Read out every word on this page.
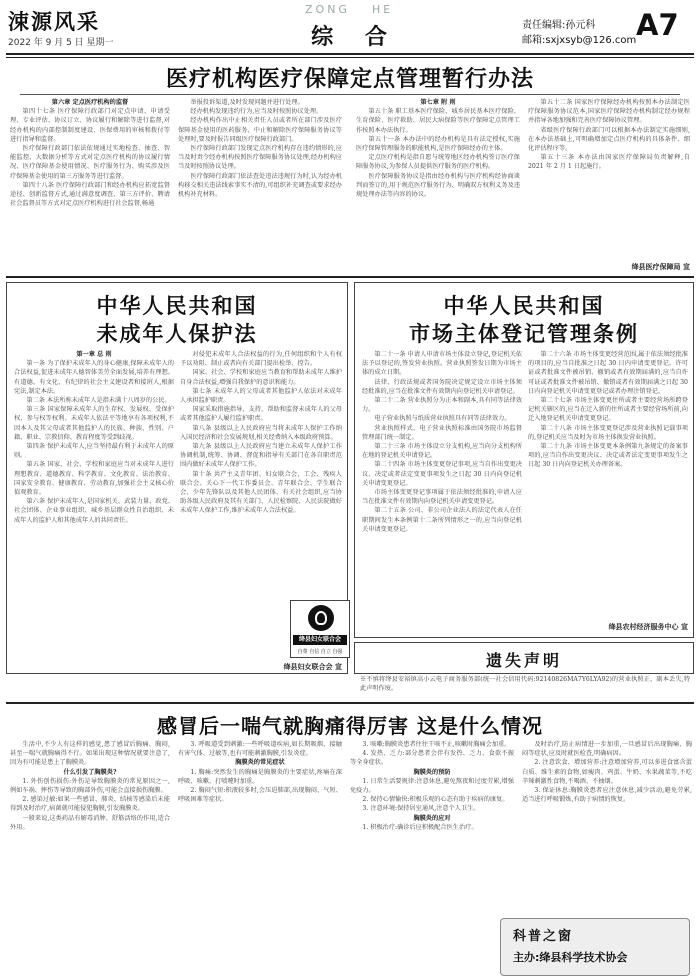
涑源风采
2022 年 9 月 5 日 星期一
ZONG HE
综 合	责任编辑:孙元科
邮箱:sxjxsyb@126.com A7
医疗机构医疗保障定点管理暂行办法

第六章 定点医疗机构的监督

第四十七条 医疗保障行政部门对定点申请、申请受理、专业评估、协议订立、协议履行和解除等进行监督,对经办机构的内部控制制度建设、医保费用的审核和拨付等进行指导和监督。

医疗保障行政部门依法依规通过实地检查、抽查、智能监控、大数据分析等方式对定点医疗机构的协议履行情况、医疗保障基金使用情况、医疗服务行为、购买涉及医疗保障基金使用的第三方服务等进行监督。

第四十八条 医疗保障行政部门和经办机构应拓宽监督途径、创新监督方式,通过满意度调查、第三方评价、聘请社会监督员等方式对定点医疗机构进行社会监督,畅通

举报投诉渠道,及时发现问题并进行处理。

经办机构发现违约行为,应当及时按照协议处理。

经办机构作出中止相关责任人员或者所在部门涉及医疗保障基金使用的医药服务、中止和解除医疗保障服务协议等处理时,要及时报告同级医疗保障行政部门。

医疗保障行政部门发现定点医疗机构存在违约情形的,应当及时责令经办机构按照医疗保障服务协议处理,经办机构应当及时按照协议处理。

医疗保障行政部门依法查处违法违规行为时,认为经办机构移交相关违法线索事实不清的,可组织补充调查或要求经办机构补充材料。

第七章 附 则

第五十条 职工基本医疗保险、城乡居民基本医疗保险、生育保险、医疗救助、居民大病保险等医疗保障定点管理工作按照本办法执行。

第五十一条 本办法中的经办机构是具有法定授权,实施医疗保障管理服务的职能机构,是医疗保障经办的主体。

定点医疗机构是指自愿与统筹地区经办机构签订医疗保障服务协议,为参保人员提供医疗服务的医疗机构。

医疗保障服务协议是指由经办机构与医疗机构经协商谈判而签订的,用于规范医疗服务行为、明确双方权利义务及违规处理办法等内容的协议。

第五十二条 国家医疗保障经办机构按照本办法制定医疗保障服务协议范本,国家医疗保障经办机构制定经办规程并指导各地加强和完善医疗保障协议管理。

省级医疗保障行政部门可以根据本办法制定实施细则,在本办法基础上,可明确增加定点医疗机构的具体条件、细化评估程序等。

第五十三条 本办法由国家医疗保障局负责解释,自 2021 年 2 月 1 日起施行。

绛县医疗保障局 宣
中华人民共和国
未成年人保护法

第一章 总 则

第一条 为了保护未成年人的身心健康,保障未成年人的合法权益,促进未成年人德智体美劳全面发展,培养有理想、有道德、有文化、有纪律的社会主义建设者和接班人,根据宪法,制定本法。

第二条 本法所称未成年人是指未满十八周岁的公民。

第三条 国家保障未成年人的生存权、发展权、受保护权、参与权等权利。未成年人依法平等地享有各项权利,不因本人及其父母或者其他监护人的民族、种族、性别、户籍、职业、宗教信仰、教育程度等受到歧视。

第四条 保护未成年人,应当坚持最有利于未成年人的原则。

第五条 国家、社会、学校和家庭应当对未成年人进行理想教育、道德教育、科学教育、文化教育、法治教育、国家安全教育、健康教育、劳动教育,加强社会主义核心价值观教育。

第六条 保护未成年人,是国家机关、武装力量、政党、社会团体、企业事业组织、城乡基层群众性自治组织、未成年人的监护人和其他成年人的共同责任。

对侵犯未成年人合法权益的行为,任何组织和个人有权予以劝阻、制止或者向有关部门提出检举、控告。

国家、社会、学校和家庭应当教育和帮助未成年人维护自身合法权益,增强自我保护的意识和能力。

第七条 未成年人的父母或者其他监护人依法对未成年人承担监护职责。

国家采取措施指导、支持、帮助和监督未成年人的父母或者其他监护人履行监护职责。

第八条 县级以上人民政府应当将未成年人保护工作纳入国民经济和社会发展规划,相关经费纳入本级政府预算。

第九条 县级以上人民政府应当建立未成年人保护工作协调机制,统筹、协调、督促和指导有关部门在各自职责范围内做好未成年人保护工作。

第十条 共产主义青年团、妇女联合会、工会、残疾人联合会、关心下一代工作委员会、青年联合会、学生联合会、少年先锋队以及其他人民团体、有关社会组织,应当协助各级人民政府及其有关部门、人民检察院、人民法院做好未成年人保护工作,维护未成年人合法权益。

绛县妇女联合会
自尊 自信 自立 自强
绛县妇女联合会 宣
中华人民共和国
市场主体登记管理条例

第二十一条 申请人申请市场主体设立登记,登记机关依法予以登记的,签发营业执照。营业执照签发日期为市场主体的成立日期。

法律、行政法规或者国务院决定规定设立市场主体须经批准的,应当在批准文件有效期内向登记机关申请登记。

第二十二条 营业执照分为正本和副本,具有同等法律效力。

电子营业执照与纸质营业执照具有同等法律效力。

营业执照样式、电子营业执照标准由国务院市场监督管理部门统一制定。

第二十三条 市场主体设立分支机构,应当向分支机构所在地的登记机关申请登记。

第二十四条 市场主体变更登记事项,应当自作出变更决议、决定或者法定变更事项发生之日起 30 日内向登记机关申请变更登记。

市场主体变更登记事项属于依法须经批准的,申请人应当在批准文件有效期内向登记机关申请变更登记。

第二十五条 公司、非公司企业法人的法定代表人在任职期间发生本条例第十二条所列情形之一的,应当向登记机关申请变更登记。

第二十六条 市场主体变更经营范围,属于依法须经批准的项目的,应当自批准之日起 30 日内申请变更登记。许可证或者批准文件被吊销、撤销或者有效期届满的,应当自许可证或者批准文件被吊销、撤销或者有效期届满之日起 30 日内向登记机关申请变更登记或者办理注销登记。

第二十七条 市场主体变更住所或者主要经营场所跨登记机关辖区的,应当在迁入新的住所或者主要经营场所前,向迁入地登记机关申请变更登记。

第二十八条 市场主体变更登记涉及营业执照记载事项的,登记机关应当及时为市场主体换发营业执照。

第二十九条 市场主体变更本条例第九条规定的备案事项的,应当自作出变更决议、决定或者法定变更事项发生之日起 30 日内向登记机关办理备案。

绛县农村经济服务中心 宣
遗失声明
※不慎将绛县安裕镇高小云电子商务服务部(统一社会信用代码:92140826MA7Y6LYA92)的营业执照正、副本丢失,特此声明作废。
感冒后一喘气就胸痛得厉害 这是什么情况

生活中,不少人有这样的感觉,患了感冒后胸痛、胸闷,甚至一喘气就胸痛得不行。如果出现这种情况就要注意了,因为有可能是患上了胸膜炎。

什么引发了胸膜炎?

1. 外伤创伤损伤:外伤是导致胸膜炎的常见原因之一,例如车祸、摔伤等导致的胸部外伤,可能会直接损伤胸膜。

2. 感染过敏:如果一些感冒、肺炎、结核等感染后未能得到及时治疗,病菌就可能侵犯胸膜,引发胸膜炎。

一般来说,这类药品有解毒消肿、舒筋活络的作用,适合外用。

3. 呼吸道受到刺激:一些呼吸道疾病,如长期吸烟、接触有害气体、过敏等,也有可能刺激胸膜,引发炎症。

胸膜炎的常见症状

1. 胸痛:突然发生的胸痛是胸膜炎的主要症状,疼痛在深呼吸、咳嗽、打喷嚏时加重。

2. 胸闷气短:积液较多时,会压迫肺部,出现胸闷、气短、呼吸困难等症状。

3. 咳嗽:胸膜炎患者往往干咳不止,咳嗽时胸痛会加重。

4. 发热、乏力:部分患者会伴有发热、乏力、食欲不振等全身症状。

胸膜炎的预防

1. 日常生活要规律:注意休息,避免熬夜和过度劳累,增强免疫力。

2. 保持心情愉快:积极乐观的心态有助于疾病的康复。

3. 注意环境:保持居室通风,注意个人卫生。

胸膜炎的应对

1. 积极治疗:确诊后应积极配合医生治疗。

及时治疗,防止病情进一步加重,一旦感冒后出现胸痛、胸闷等症状,应及时就医检查,明确病因。

2. 注意饮食、增加营养:注意增加营养,可以多进食富含蛋白质、维生素的食物,如瘦肉、鸡蛋、牛奶、水果蔬菜等,不吃辛辣刺激性食物,不喝酒、不抽烟。

3. 保证休息:胸膜炎患者应注意休息,减少活动,避免劳累,适当进行呼吸锻炼,有助于病情的恢复。

科普之窗
主办:绛县科学技术协会
